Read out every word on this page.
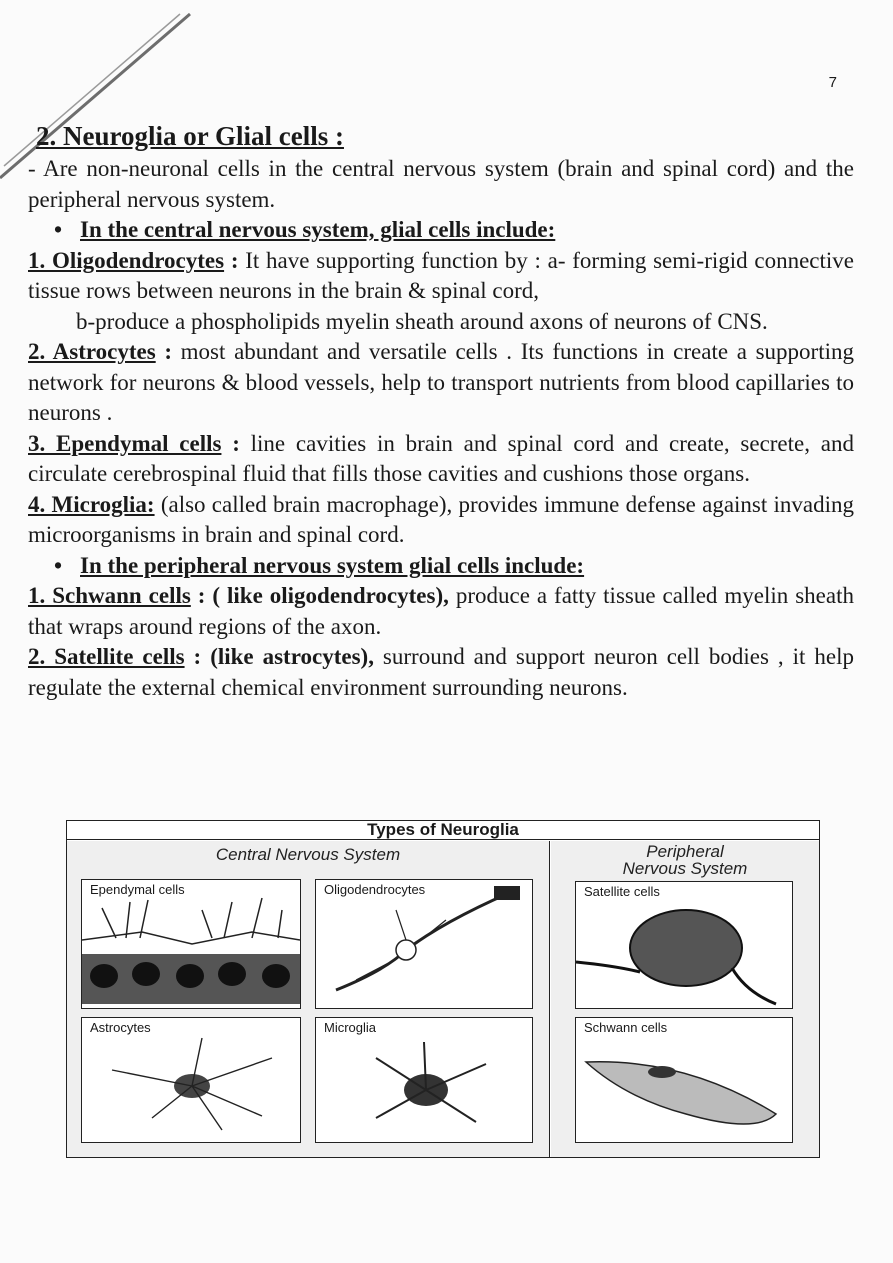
7
2. Neuroglia or Glial cells :

- Are non-neuronal cells in the central nervous system (brain and spinal cord) and the peripheral nervous system.

• In the central nervous system, glial cells include:

1. Oligodendrocytes : It have supporting function by : a- forming semi-rigid connective tissue rows between neurons in the brain & spinal cord,

b-produce a phospholipids myelin sheath around axons of neurons of CNS.

2. Astrocytes : most abundant and versatile cells . Its functions in create a supporting network for neurons & blood vessels, help to transport nutrients from blood capillaries to neurons .

3. Ependymal cells : line cavities in brain and spinal cord and create, secrete, and circulate cerebrospinal fluid that fills those cavities and cushions those organs.

4. Microglia: (also called brain macrophage), provides immune defense against invading microorganisms in brain and spinal cord.

• In the peripheral nervous system glial cells include:

1. Schwann cells : ( like oligodendrocytes), produce a fatty tissue called myelin sheath that wraps around regions of the axon.

2. Satellite cells : (like astrocytes), surround and support neuron cell bodies , it help regulate the external chemical environment surrounding neurons.

Types of Neuroglia
Central Nervous System
Ependymal cells	Oligodendrocytes
Astrocytes	Microglia
Peripheral Nervous System
Satellite cells
Schwann cells
